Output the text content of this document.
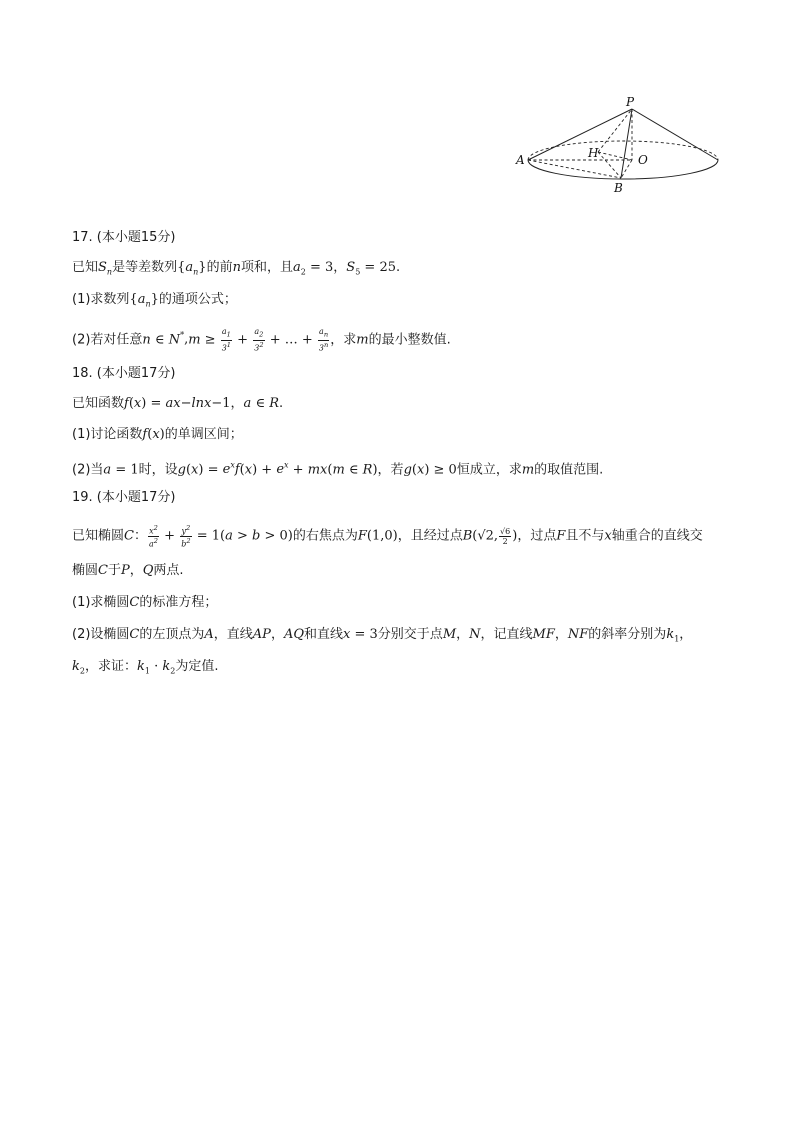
P
A
B
H	O
17. (本小题15分)
已知$S_n$是等差数列$\{a_n\}$的前n项和，且$a_2 = 3$，$S_5 = 25$.
(1)求数列$\{a_n\}$的通项公式；
(2)若对任意n ∈ $N^*,m \ge \frac{a_1}{3^1} + \frac{a_2}{3^2}$ + … + $\frac{a_n}{3^n}$ ，求m的最小整数值.
18. (本小题17分)
已知函数f(x) = ax−lnx−1，a ∈ R.
(1)讨论函数f(x)的单调区间；
(2)当a = 1时，设$g(x) = e^xf(x) + e^x + mx(m$ ∈ R)，若g(x) ≥ 0恒成立，求m的取值范围.
19. (本小题17分)
已知椭圆C： $\frac{x^2}{a^2} + \frac{y^2}{b^2} = 1(a > b > 0)$的右焦点为F(1,0)，且经过点B(√2, $\frac{√6}{2}$ )，过点F且不与x轴重合的直线交
椭圆C于P，Q两点.
(1)求椭圆C的标准方程；
(2)设椭圆C的左顶点为A，直线AP，AQ和直线x = 3分别交于点M，N，记直线MF，NF的斜率分别为$k_1$，
$k_2$，求证：$k_1 \cdot k_2$为定值.
